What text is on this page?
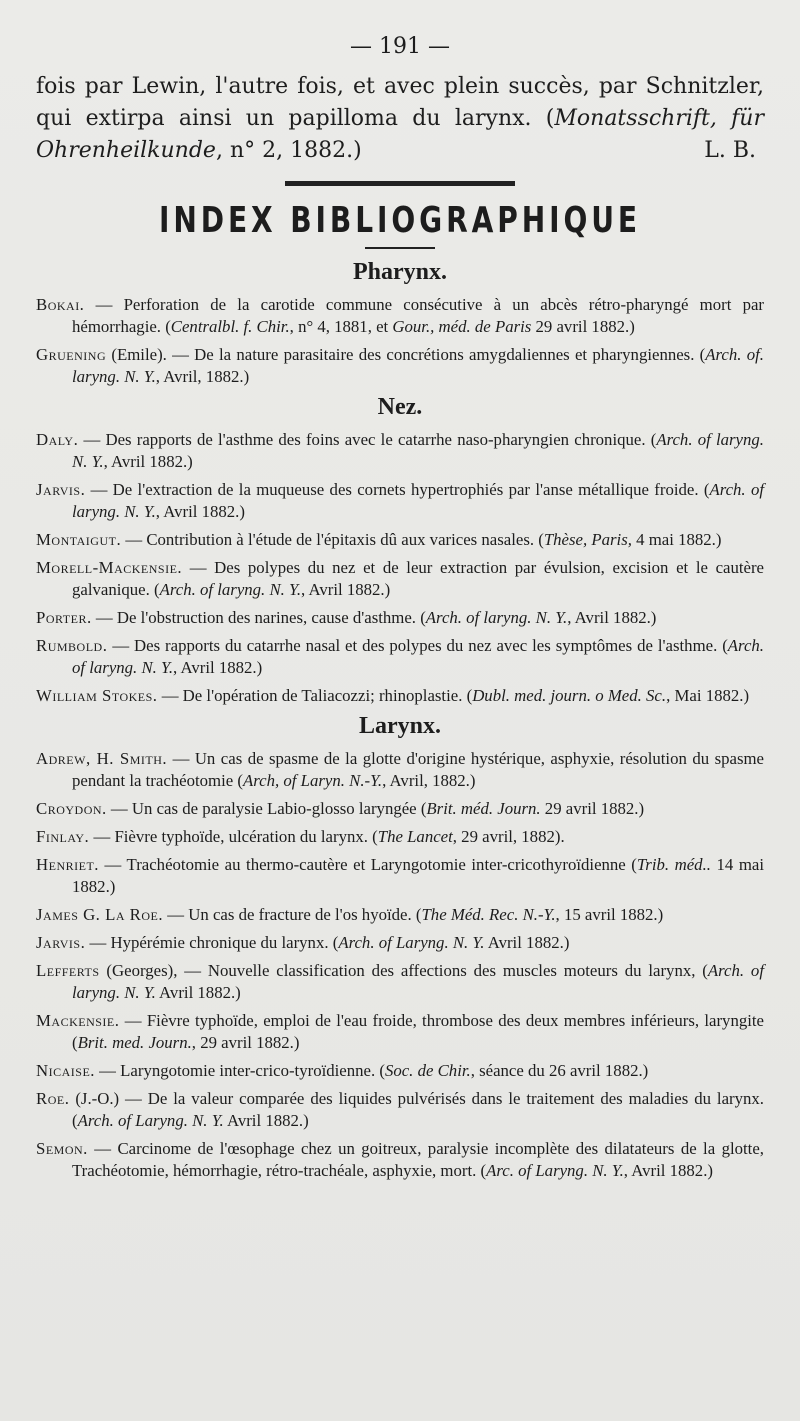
— 191 —

fois par Lewin, l'autre fois, et avec plein succès, par Schnitzler, qui extirpa ainsi un papilloma du larynx. (Monatsschrift, für Ohrenheilkunde, n° 2, 1882.)	L. B.

INDEX BIBLIOGRAPHIQUE
Pharynx.

Bokai. — Perforation de la carotide commune consécutive à un abcès rétro-pharyngé mort par hémorrhagie. (Centralbl. f. Chir., n° 4, 1881, et Gour., méd. de Paris 29 avril 1882.)

Gruening (Emile). — De la nature parasitaire des concrétions amygdaliennes et pharyngiennes. (Arch. of. laryng. N. Y., Avril, 1882.)

Nez.

Daly. — Des rapports de l'asthme des foins avec le catarrhe naso-pharyngien chronique. (Arch. of laryng. N. Y., Avril 1882.)

Jarvis. — De l'extraction de la muqueuse des cornets hypertrophiés par l'anse métallique froide. (Arch. of laryng. N. Y., Avril 1882.)

Montaigut. — Contribution à l'étude de l'épitaxis dû aux varices nasales. (Thèse, Paris, 4 mai 1882.)

Morell-Mackensie. — Des polypes du nez et de leur extraction par évulsion, excision et le cautère galvanique. (Arch. of laryng. N. Y., Avril 1882.)

Porter. — De l'obstruction des narines, cause d'asthme. (Arch. of laryng. N. Y., Avril 1882.)

Rumbold. — Des rapports du catarrhe nasal et des polypes du nez avec les symptômes de l'asthme. (Arch. of laryng. N. Y., Avril 1882.)

William Stokes. — De l'opération de Taliacozzi; rhinoplastie. (Dubl. med. journ. o Med. Sc., Mai 1882.)

Larynx.

Adrew, H. Smith. — Un cas de spasme de la glotte d'origine hystérique, asphyxie, résolution du spasme pendant la trachéotomie (Arch, of Laryn. N.-Y., Avril, 1882.)

Croydon. — Un cas de paralysie Labio-glosso laryngée (Brit. méd. Journ. 29 avril 1882.)

Finlay. — Fièvre typhoïde, ulcération du larynx. (The Lancet, 29 avril, 1882).

Henriet. — Trachéotomie au thermo-cautère et Laryngotomie inter-cricothyroïdienne (Trib. méd.. 14 mai 1882.)

James G. La Roe. — Un cas de fracture de l'os hyoïde. (The Méd. Rec. N.-Y., 15 avril 1882.)

Jarvis. — Hypérémie chronique du larynx. (Arch. of Laryng. N. Y. Avril 1882.)

Lefferts (Georges), — Nouvelle classification des affections des muscles moteurs du larynx, (Arch. of laryng. N. Y. Avril 1882.)

Mackensie. — Fièvre typhoïde, emploi de l'eau froide, thrombose des deux membres inférieurs, laryngite (Brit. med. Journ., 29 avril 1882.)

Nicaise. — Laryngotomie inter-crico-tyroïdienne. (Soc. de Chir., séance du 26 avril 1882.)

Roe. (J.-O.) — De la valeur comparée des liquides pulvérisés dans le traitement des maladies du larynx. (Arch. of Laryng. N. Y. Avril 1882.)

Semon. — Carcinome de l'œsophage chez un goitreux, paralysie incomplète des dilatateurs de la glotte, Trachéotomie, hémorrhagie, rétro-trachéale, asphyxie, mort. (Arc. of Laryng. N. Y., Avril 1882.)
